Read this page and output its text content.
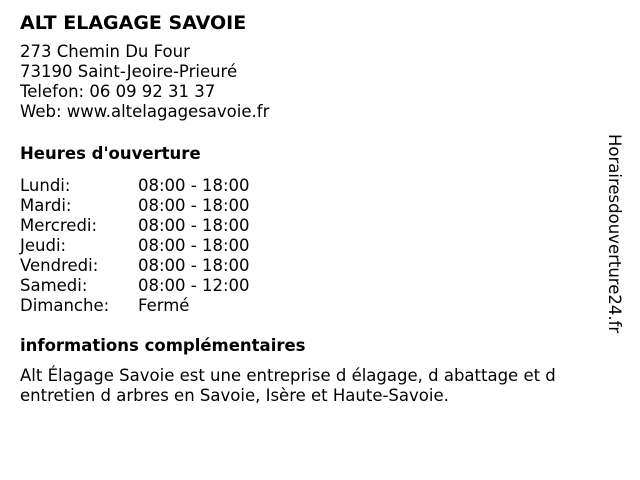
ALT ELAGAGE SAVOIE
273 Chemin Du Four
73190 Saint-Jeoire-Prieuré
Telefon: 06 09 92 31 37
Web: www.altelagagesavoie.fr
Heures d'ouverture
Lundi:	08:00 - 18:00
Mardi:	08:00 - 18:00
Mercredi:	08:00 - 18:00
Jeudi:	08:00 - 18:00
Vendredi:	08:00 - 18:00
Samedi:	08:00 - 12:00
Dimanche:	Fermé
informations complémentaires

Alt Élagage Savoie est une entreprise d élagage, d abattage et d entretien d arbres en Savoie, Isère et Haute-Savoie.

Horairesdouverture24.fr
